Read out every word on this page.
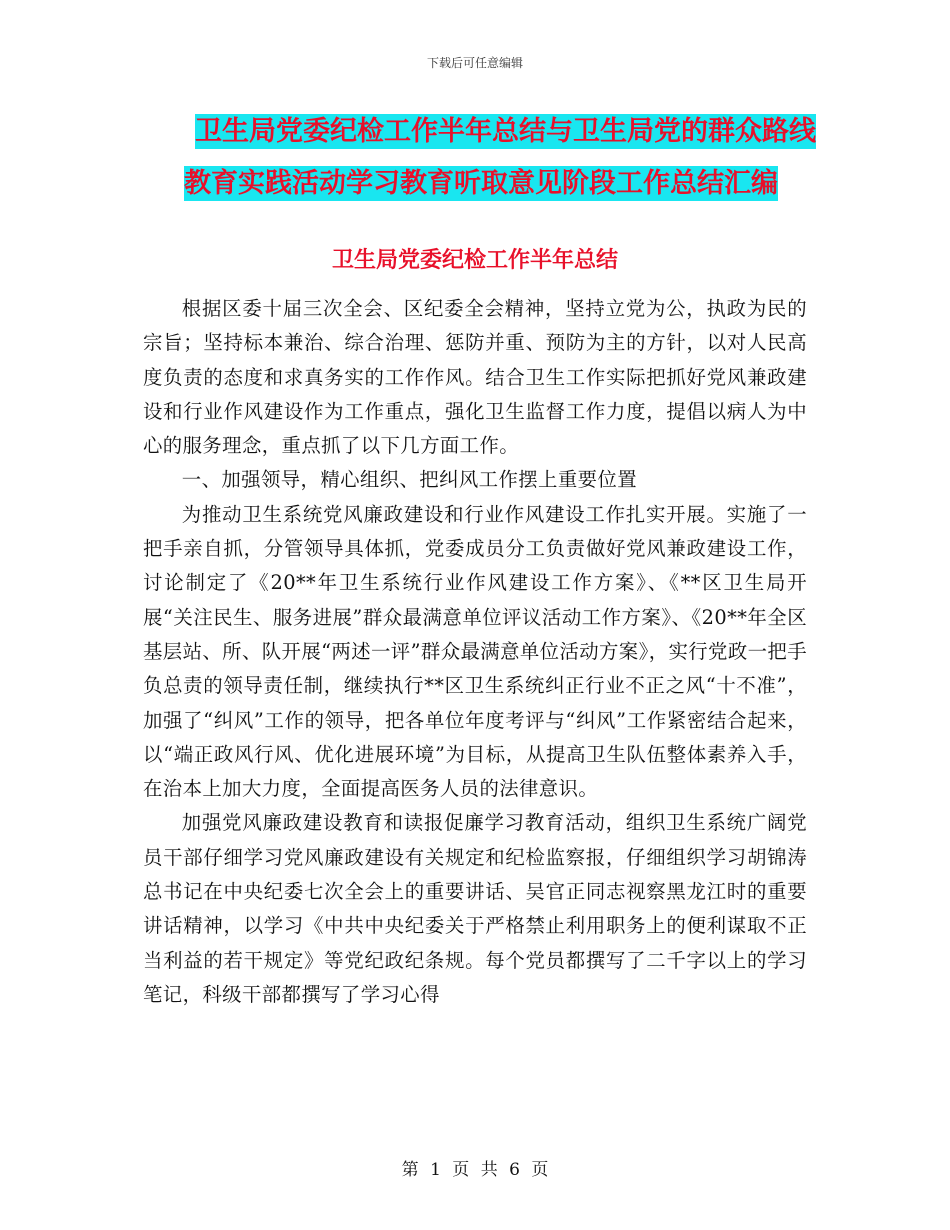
下载后可任意编辑
卫生局党委纪检工作半年总结与卫生局党的群众路线
教育实践活动学习教育听取意见阶段工作总结汇编
卫生局党委纪检工作半年总结

根据区委十届三次全会、区纪委全会精神，坚持立党为公，执政为民的宗旨；坚持标本兼治、综合治理、惩防并重、预防为主的方针，以对人民高度负责的态度和求真务实的工作作风。结合卫生工作实际把抓好党风兼政建设和行业作风建设作为工作重点，强化卫生监督工作力度，提倡以病人为中心的服务理念，重点抓了以下几方面工作。

一、加强领导，精心组织、把纠风工作摆上重要位置

为推动卫生系统党风廉政建设和行业作风建设工作扎实开展。实施了一把手亲自抓，分管领导具体抓，党委成员分工负责做好党风兼政建设工作，讨论制定了《20**年卫生系统行业作风建设工作方案》、《**区卫生局开展“关注民生、服务进展”群众最满意单位评议活动工作方案》、《20**年全区基层站、所、队开展“两述一评”群众最满意单位活动方案》，实行党政一把手负总责的领导责任制，继续执行**区卫生系统纠正行业不正之风“十不准”，加强了“纠风”工作的领导，把各单位年度考评与“纠风”工作紧密结合起来，以“端正政风行风、优化进展环境”为目标，从提高卫生队伍整体素养入手，在治本上加大力度，全面提高医务人员的法律意识。

加强党风廉政建设教育和读报促廉学习教育活动，组织卫生系统广阔党员干部仔细学习党风廉政建设有关规定和纪检监察报，仔细组织学习胡锦涛总书记在中央纪委七次全会上的重要讲话、吴官正同志视察黑龙江时的重要讲话精神，以学习《中共中央纪委关于严格禁止利用职务上的便利谋取不正当利益的若干规定》等党纪政纪条规。每个党员都撰写了二千字以上的学习笔记，科级干部都撰写了学习心得

第 1 页 共 6 页
